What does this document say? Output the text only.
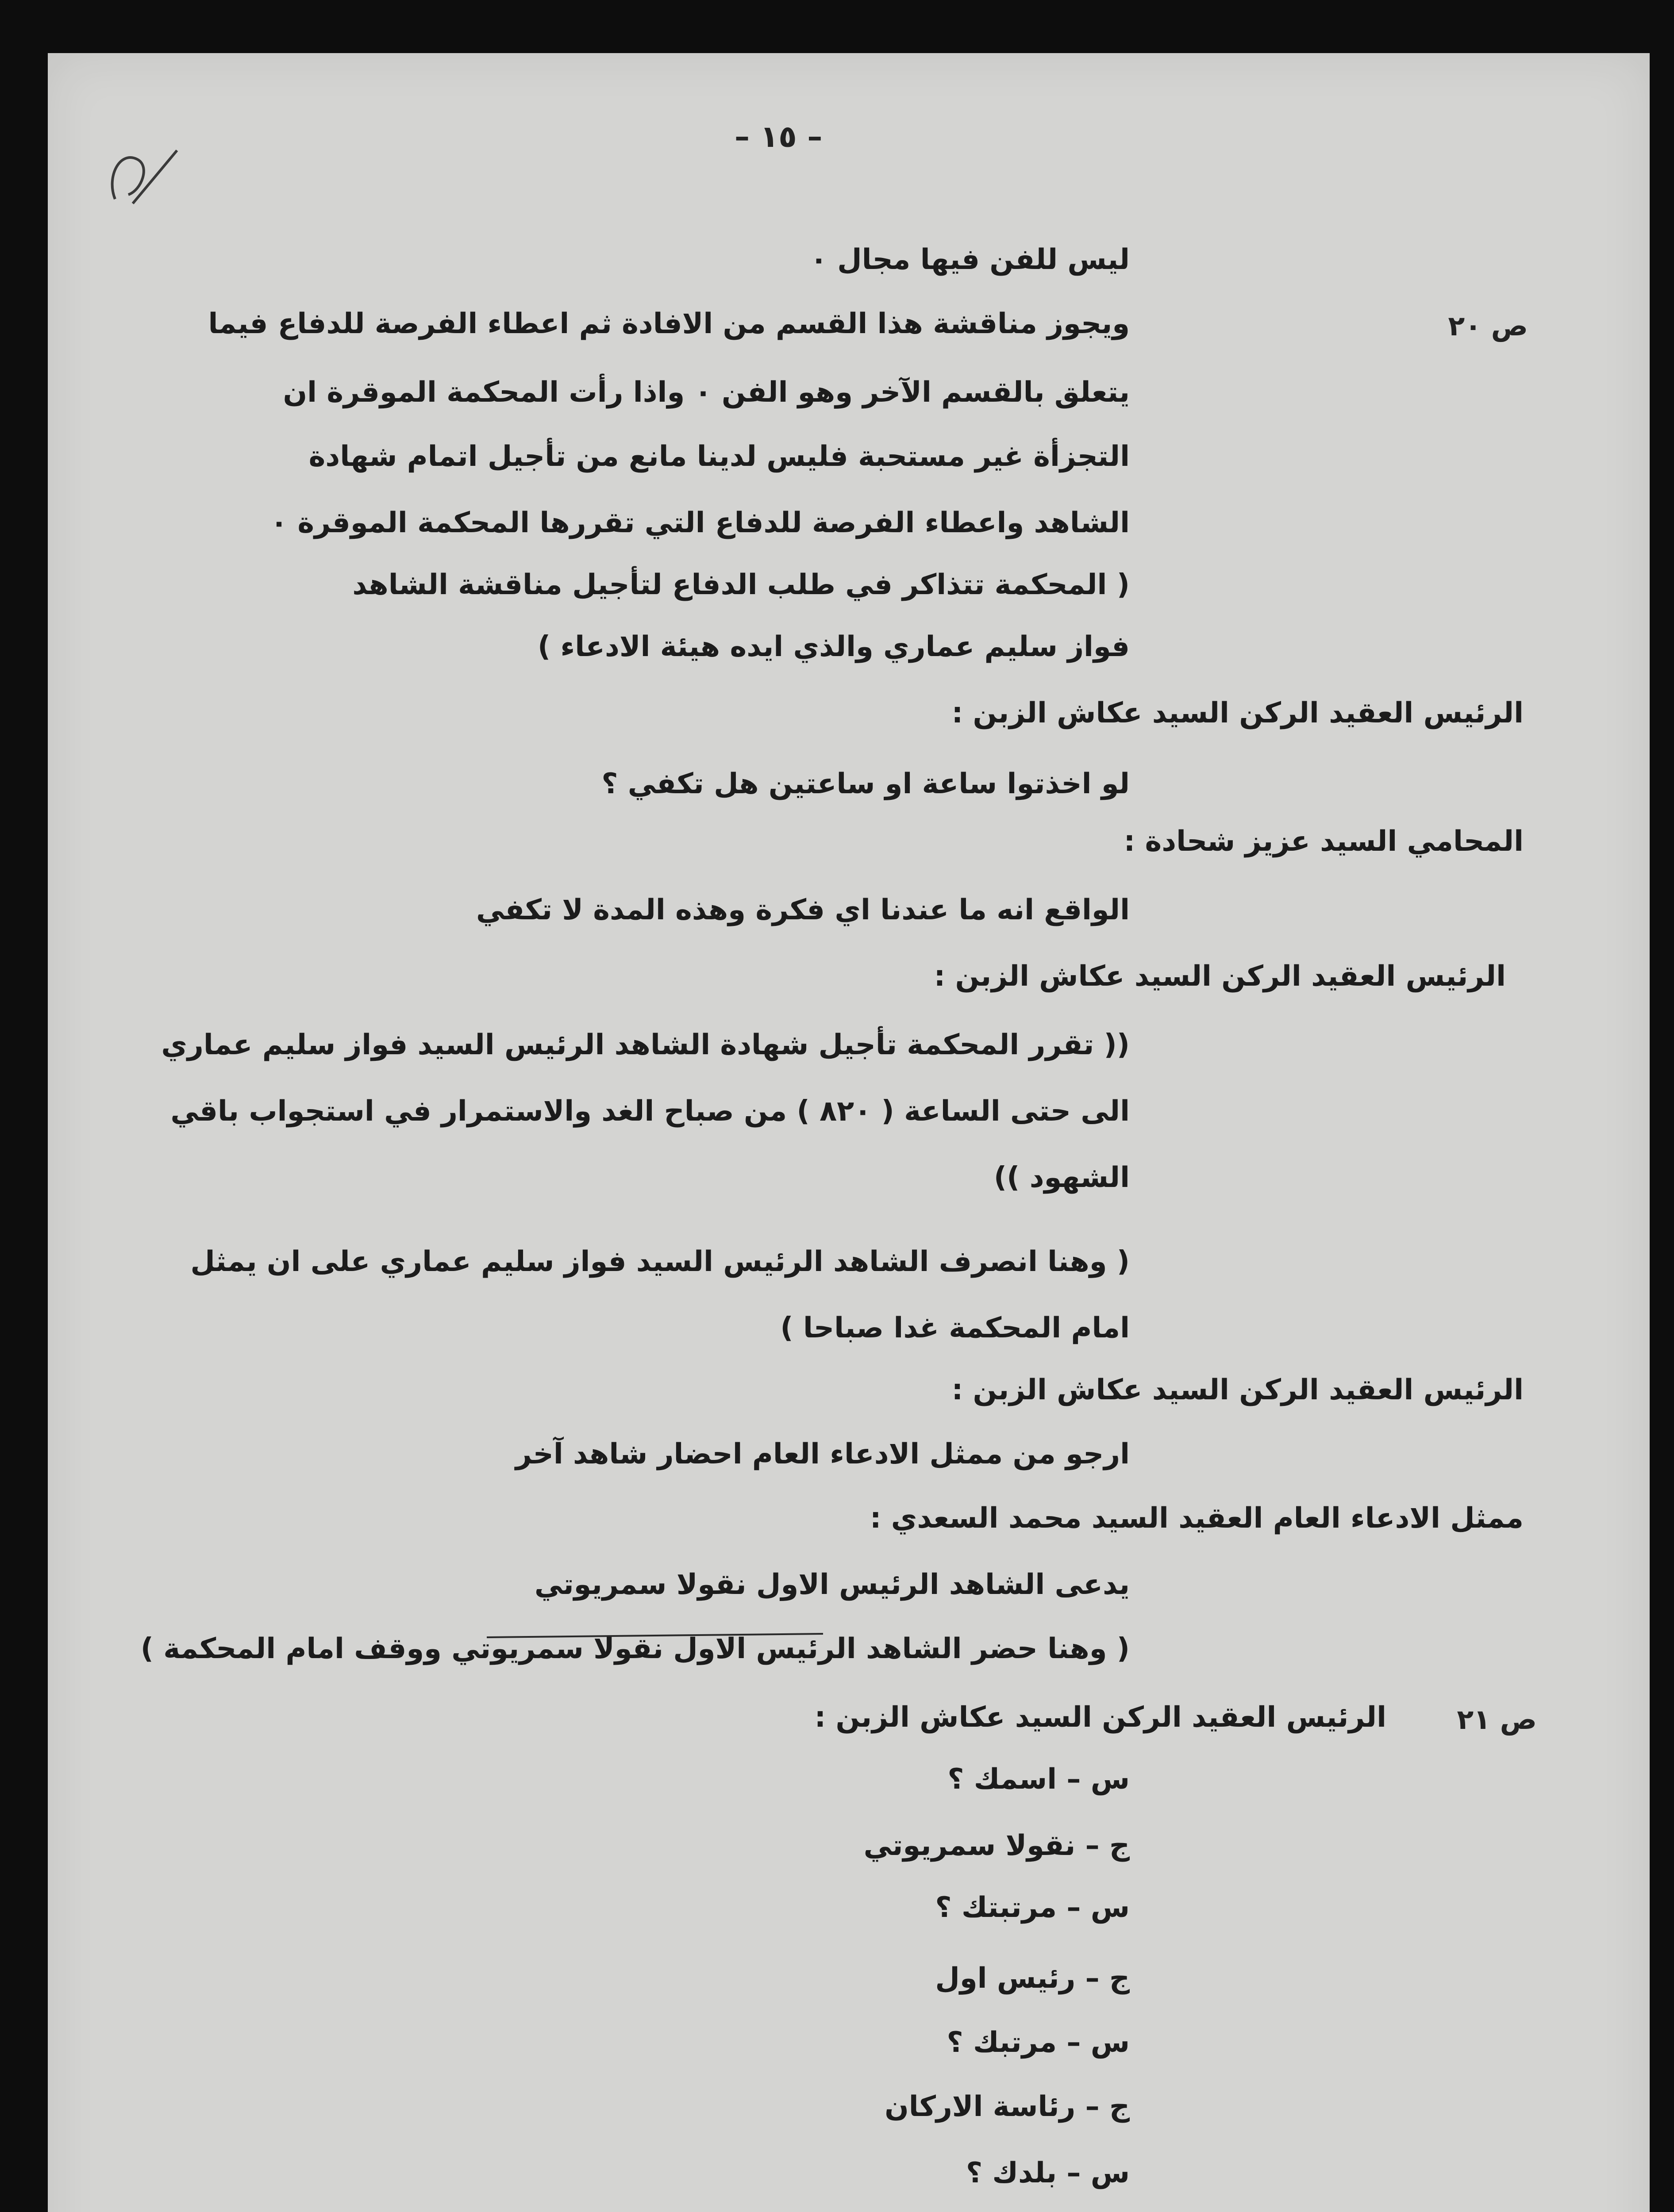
– ١٥ –
ص ٢٠
ص ٢١
ليس للفن فيها مجال ٠
ويجوز مناقشة هذا القسم من الافادة ثم اعطاء الفرصة للدفاع فيما
يتعلق بالقسم الآخر وهو الفن ٠ واذا رأت المحكمة الموقرة ان
التجزأة غير مستحبة فليس لدينا مانع من تأجيل اتمام شهادة
الشاهد واعطاء الفرصة للدفاع التي تقررها المحكمة الموقرة ٠
( المحكمة تتذاكر في طلب الدفاع لتأجيل مناقشة الشاهد
فواز سليم عماري والذي ايده هيئة الادعاء )
الرئيس العقيد الركن السيد عكاش الزبن :
لو اخذتوا ساعة او ساعتين هل تكفي ؟
المحامي السيد عزيز شحادة :
الواقع انه ما عندنا اي فكرة وهذه المدة لا تكفي
الرئيس العقيد الركن السيد عكاش الزبن :
(( تقرر المحكمة تأجيل شهادة الشاهد الرئيس السيد فواز سليم عماري
الى حتى الساعة ( ٨٢٠ ) من صباح الغد والاستمرار في استجواب باقي
الشهود ))
( وهنا انصرف الشاهد الرئيس السيد فواز سليم عماري على ان يمثل
امام المحكمة غدا صباحا )
الرئيس العقيد الركن السيد عكاش الزبن :
ارجو من ممثل الادعاء العام احضار شاهد آخر
ممثل الادعاء العام العقيد السيد محمد السعدي :
يدعى الشاهد الرئيس الاول نقولا سمريوتي
( وهنا حضر الشاهد الرئيس الاول نقولا سمريوتي ووقف امام المحكمة )
الرئيس العقيد الركن السيد عكاش الزبن :
س – اسمك ؟
ج – نقولا سمريوتي
س – مرتبتك ؟
ج – رئيس اول
س – مرتبك ؟
ج – رئاسة الاركان
س – بلدك ؟
